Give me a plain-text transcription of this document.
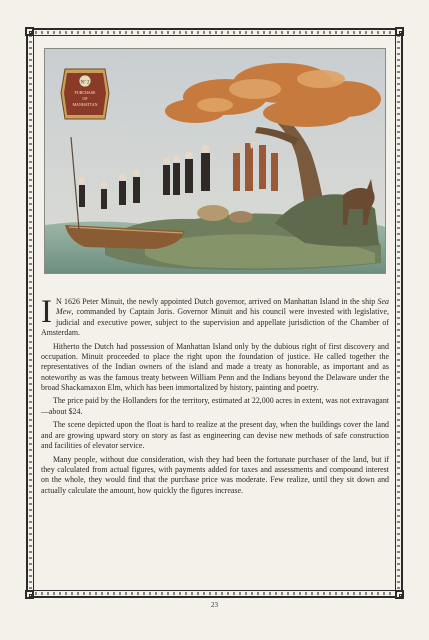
Nº 2
PURCHASE
OF
MANHATTAN

I N 1626 Peter Minuit, the newly appointed Dutch governor, arrived on Manhattan Island in the ship Sea Mew, commanded by Captain Joris. Governor Minuit and his council were invested with legislative, judicial and executive power, subject to the supervision and appellate jurisdiction of the Chamber of Amsterdam.

Hitherto the Dutch had possession of Manhattan Island only by the dubious right of first discovery and occupation. Minuit proceeded to place the right upon the foundation of justice. He called together the representatives of the Indian owners of the island and made a treaty as honorable, as important and as noteworthy as was the famous treaty between William Penn and the Indians beyond the Delaware under the broad Shackamaxon Elm, which has been immortalized by history, painting and poetry.

The price paid by the Hollanders for the territory, estimated at 22,000 acres in extent, was not extravagant—about $24.

The scene depicted upon the float is hard to realize at the present day, when the buildings cover the land and are growing upward story on story as fast as engineering can devise new methods of safe construction and facilities of elevator service.

Many people, without due consideration, wish they had been the fortunate purchaser of the land, but if they calculated from actual figures, with payments added for taxes and assessments and compound interest on the whole, they would find that the purchase price was moderate. Few realize, until they sit down and actually calculate the amount, how quickly the figures increase.

23
